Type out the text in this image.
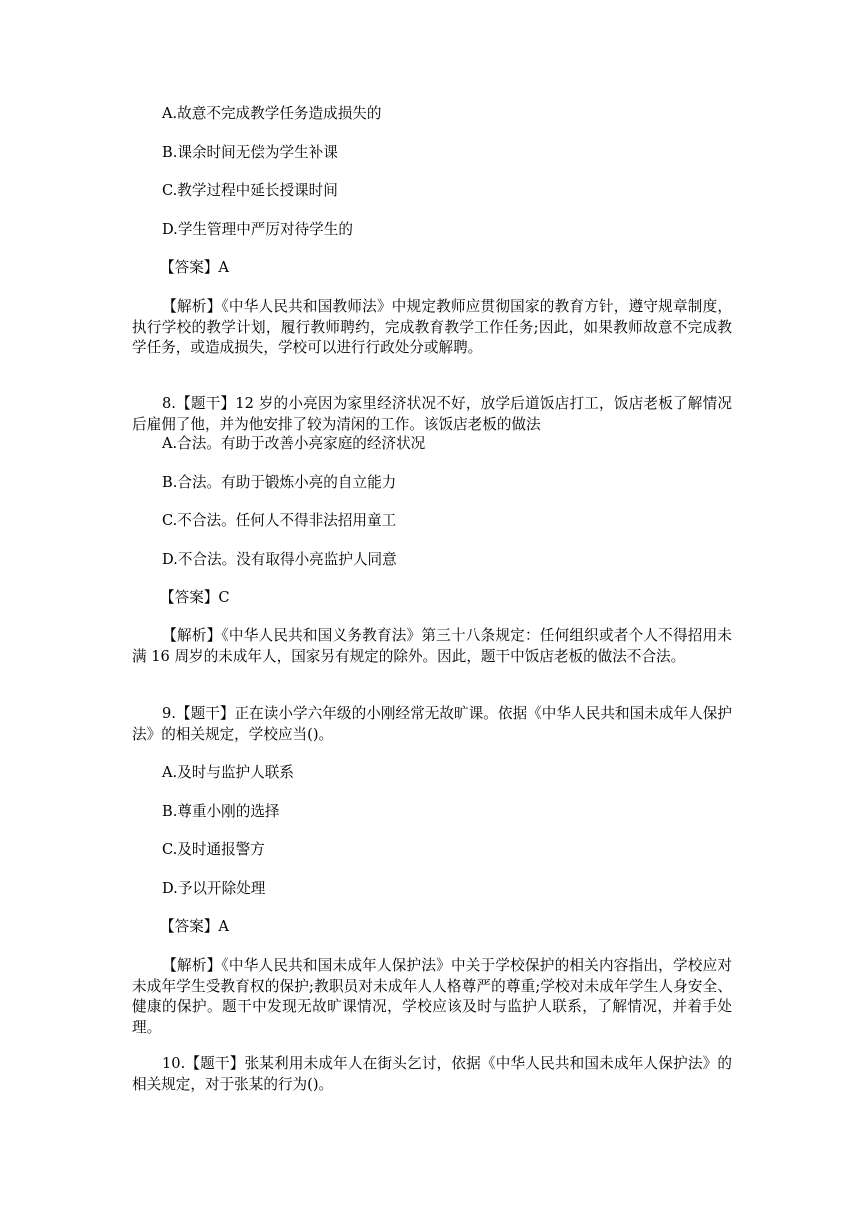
A.故意不完成教学任务造成损失的
B.课余时间无偿为学生补课
C.教学过程中延长授课时间
D.学生管理中严厉对待学生的
【答案】A
【解析】《中华人民共和国教师法》中规定教师应贯彻国家的教育方针，遵守规章制度，执行学校的教学计划，履行教师聘约，完成教育教学工作任务;因此，如果教师故意不完成教学任务，或造成损失，学校可以进行行政处分或解聘。
8.【题干】12 岁的小亮因为家里经济状况不好，放学后道饭店打工，饭店老板了解情况后雇佣了他，并为他安排了较为清闲的工作。该饭店老板的做法
A.合法。有助于改善小亮家庭的经济状况
B.合法。有助于锻炼小亮的自立能力
C.不合法。任何人不得非法招用童工
D.不合法。没有取得小亮监护人同意
【答案】C
【解析】《中华人民共和国义务教育法》第三十八条规定：任何组织或者个人不得招用未满 16 周岁的未成年人，国家另有规定的除外。因此，题干中饭店老板的做法不合法。
9.【题干】正在读小学六年级的小刚经常无故旷课。依据《中华人民共和国未成年人保护法》的相关规定，学校应当()。
A.及时与监护人联系
B.尊重小刚的选择
C.及时通报警方
D.予以开除处理
【答案】A
【解析】《中华人民共和国未成年人保护法》中关于学校保护的相关内容指出，学校应对未成年学生受教育权的保护;教职员对未成年人人格尊严的尊重;学校对未成年学生人身安全、健康的保护。题干中发现无故旷课情况，学校应该及时与监护人联系，了解情况，并着手处理。
10.【题干】张某利用未成年人在街头乞讨，依据《中华人民共和国未成年人保护法》的相关规定，对于张某的行为()。
